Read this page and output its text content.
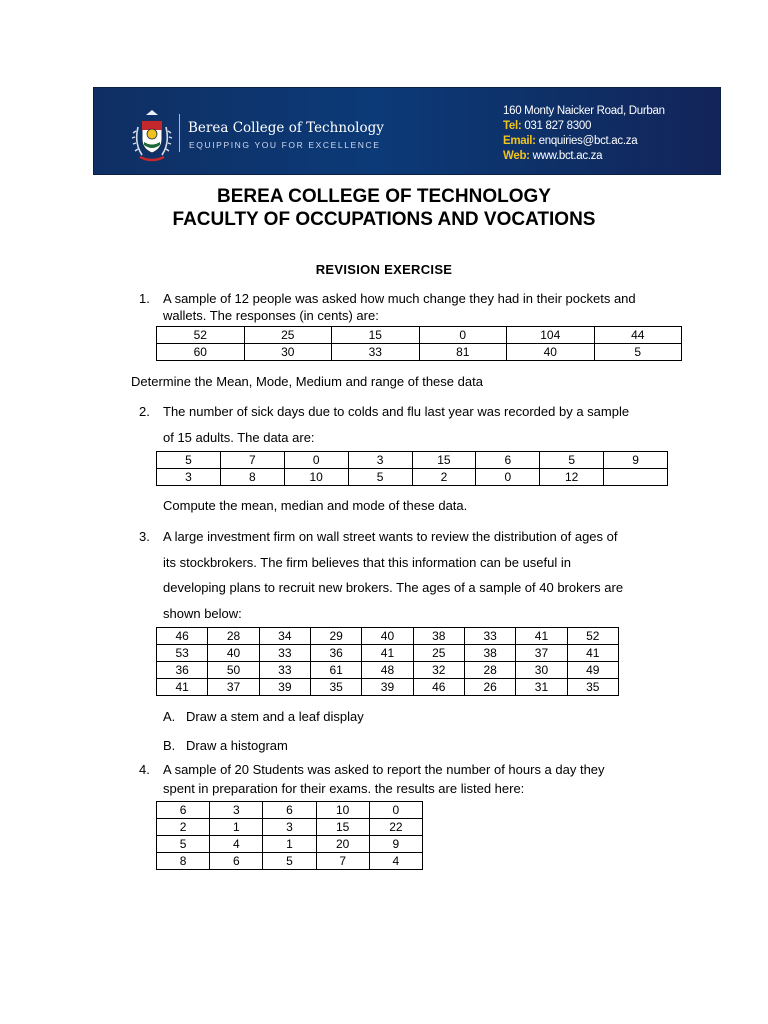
Berea College of Technology
EQUIPPING YOU FOR EXCELLENCE
160 Monty Naicker Road, Durban
Tel: 031 827 8300
Email: enquiries@bct.ac.za
Web: www.bct.ac.za
BEREA COLLEGE OF TECHNOLOGY
FACULTY OF OCCUPATIONS AND VOCATIONS
REVISION EXERCISE
1. A sample of 12 people was asked how much change they had in their pockets and
wallets. The responses (in cents) are:
52	25	15	0	104	44
60	30	33	81	40	5
Determine the Mean, Mode, Medium and range of these data
2. The number of sick days due to colds and flu last year was recorded by a sample
of 15 adults. The data are:
5	7	0	3	15	6	5	9
3	8	10	5	2	0	12	
Compute the mean, median and mode of these data.
3. A large investment firm on wall street wants to review the distribution of ages of
its stockbrokers. The firm believes that this information can be useful in
developing plans to recruit new brokers. The ages of a sample of 40 brokers are
shown below:
46	28	34	29	40	38	33	41	52
53	40	33	36	41	25	38	37	41
36	50	33	61	48	32	28	30	49
41	37	39	35	39	46	26	31	35
A. Draw a stem and a leaf display
B. Draw a histogram
4. A sample of 20 Students was asked to report the number of hours a day they
spent in preparation for their exams. the results are listed here:
6	3	6	10	0
2	1	3	15	22
5	4	1	20	9
8	6	5	7	4
